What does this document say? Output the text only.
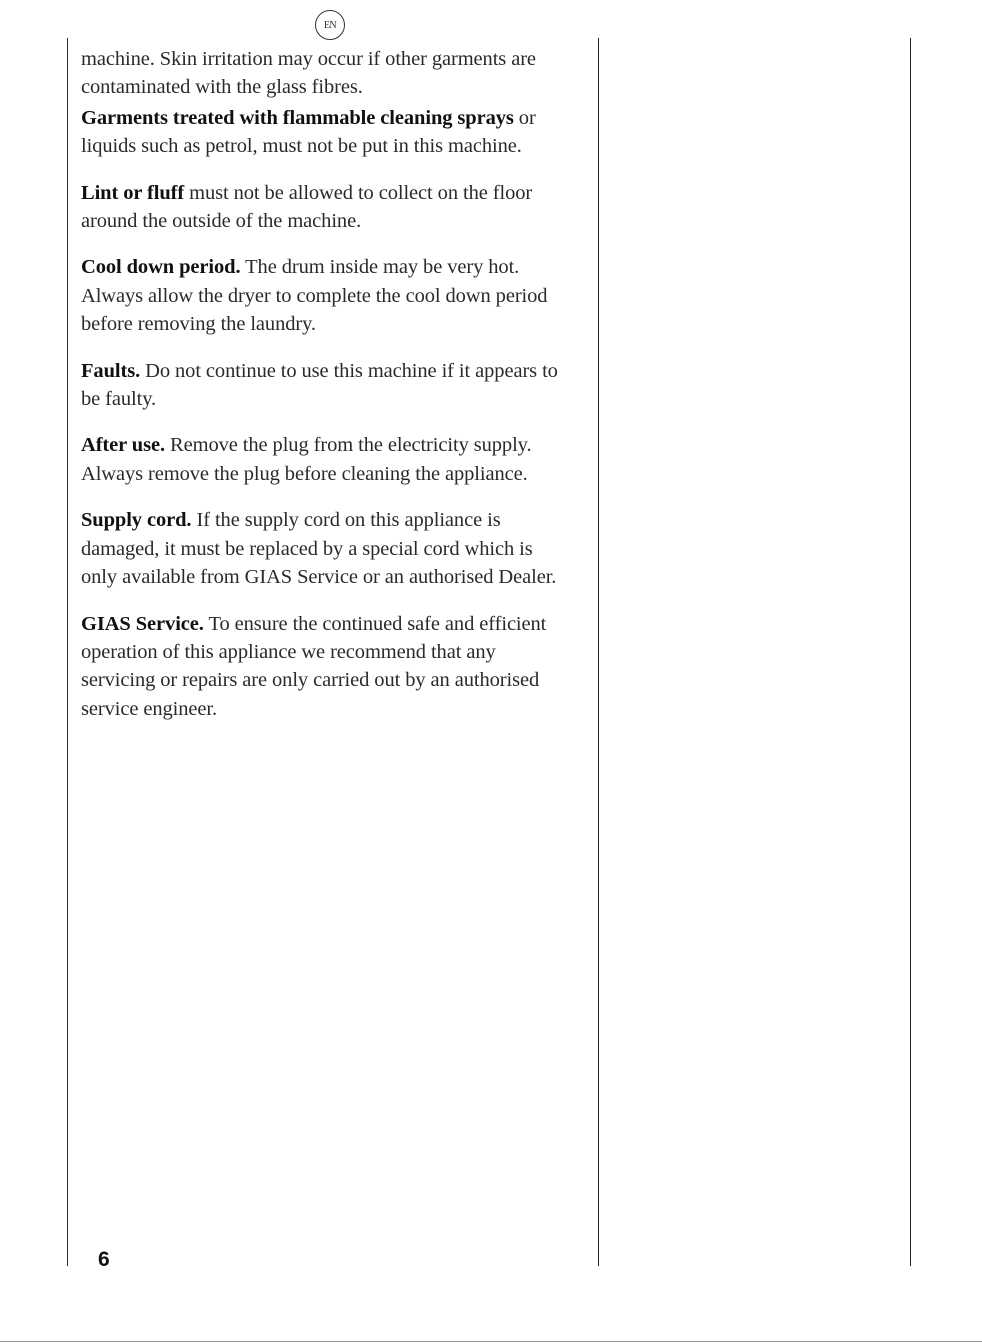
EN

machine. Skin irritation may occur if other garments are contaminated with the glass fibres.

Garments treated with flammable cleaning sprays or liquids such as petrol, must not be put in this machine.

Lint or fluff must not be allowed to collect on the floor around the outside of the machine.

Cool down period. The drum inside may be very hot. Always allow the dryer to complete the cool down period before removing the laundry.

Faults. Do not continue to use this machine if it appears to be faulty.

After use. Remove the plug from the electricity supply. Always remove the plug before cleaning the appliance.

Supply cord. If the supply cord on this appliance is damaged, it must be replaced by a special cord which is only available from GIAS Service or an authorised Dealer.

GIAS Service. To ensure the continued safe and efficient operation of this appliance we recommend that any servicing or repairs are only carried out by an authorised service engineer.

6
